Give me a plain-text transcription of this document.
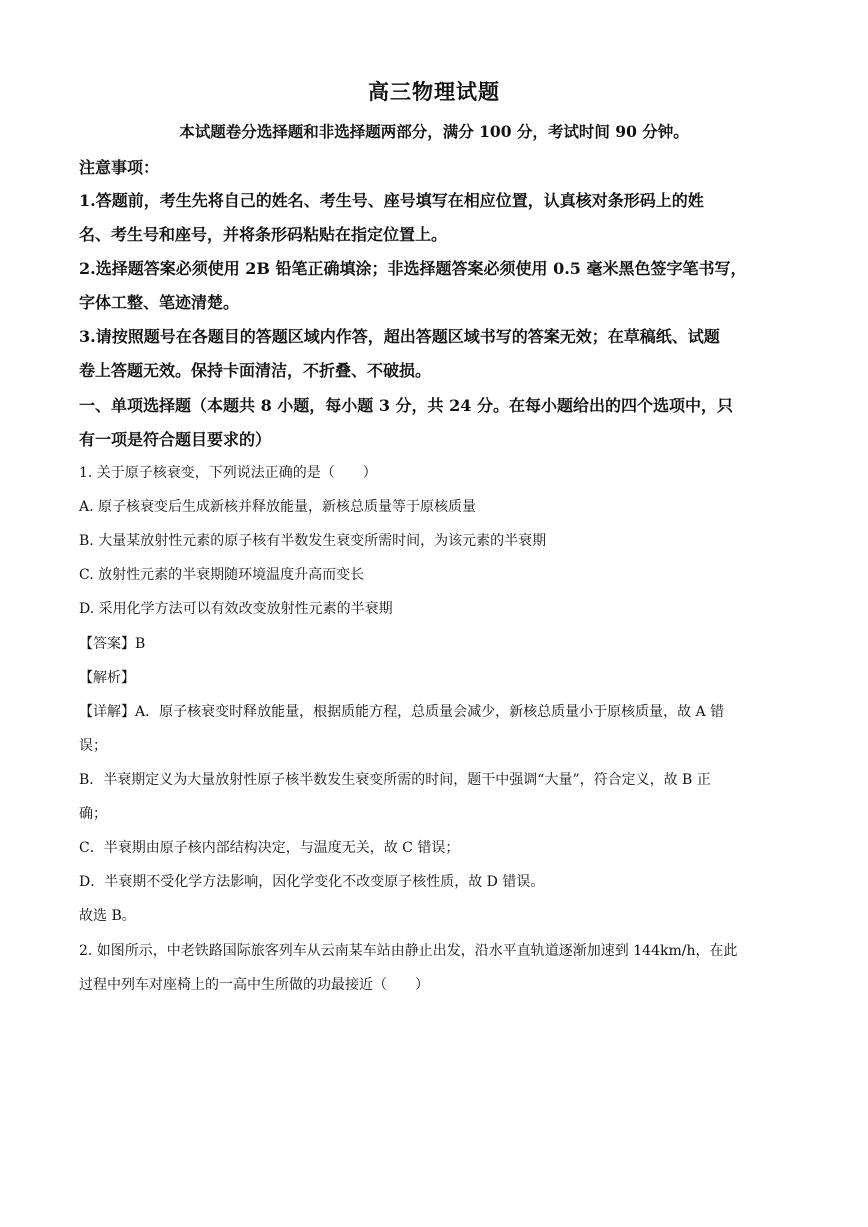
高三物理试题
本试题卷分选择题和非选择题两部分，满分 100 分，考试时间 90 分钟。
注意事项：
1.答题前，考生先将自己的姓名、考生号、座号填写在相应位置，认真核对条形码上的姓
名、考生号和座号，并将条形码粘贴在指定位置上。
2.选择题答案必须使用 2B 铅笔正确填涂；非选择题答案必须使用 0.5 毫米黑色签字笔书写，
字体工整、笔迹清楚。
3.请按照题号在各题目的答题区域内作答，超出答题区域书写的答案无效；在草稿纸、试题
卷上答题无效。保持卡面清洁，不折叠、不破损。
一、单项选择题（本题共 8 小题，每小题 3 分，共 24 分。在每小题给出的四个选项中，只
有一项是符合题目要求的）
1. 关于原子核衰变，下列说法正确的是（　　）
A. 原子核衰变后生成新核并释放能量，新核总质量等于原核质量
B. 大量某放射性元素的原子核有半数发生衰变所需时间，为该元素的半衰期
C. 放射性元素的半衰期随环境温度升高而变长
D. 采用化学方法可以有效改变放射性元素的半衰期
【答案】B
【解析】
【详解】A．原子核衰变时释放能量，根据质能方程，总质量会减少，新核总质量小于原核质量，故 A 错
误；
B．半衰期定义为大量放射性原子核半数发生衰变所需的时间，题干中强调“大量”，符合定义，故 B 正
确；
C．半衰期由原子核内部结构决定，与温度无关，故 C 错误；
D．半衰期不受化学方法影响，因化学变化不改变原子核性质，故 D 错误。
故选 B。
2. 如图所示，中老铁路国际旅客列车从云南某车站由静止出发，沿水平直轨道逐渐加速到 144km/h，在此
过程中列车对座椅上的一高中生所做的功最接近（　　）
